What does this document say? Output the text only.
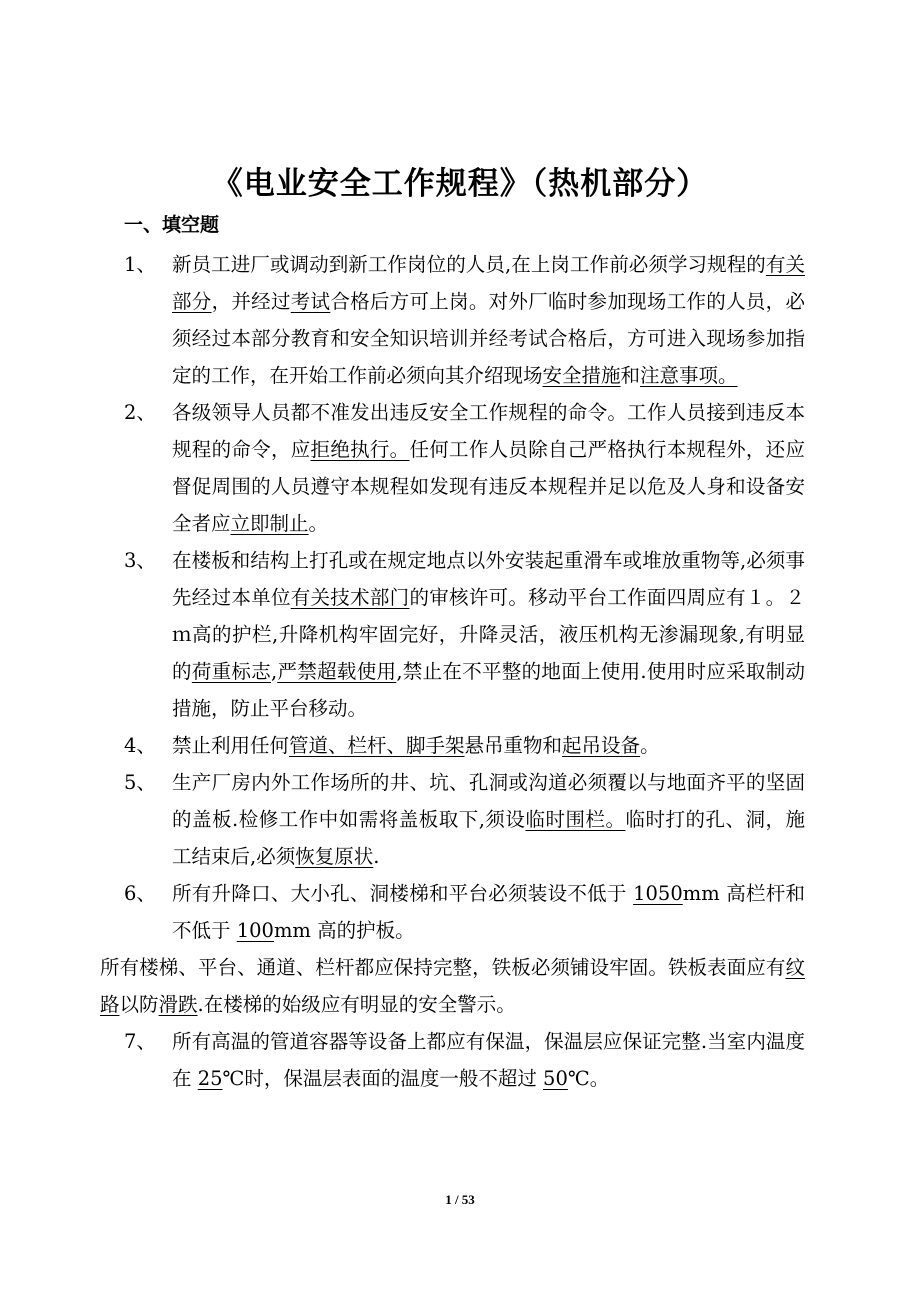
《电业安全工作规程》（热机部分）
一、填空题
1、 新员工进厂或调动到新工作岗位的人员,在上岗工作前必须学习规程的有关部分，并经过考试合格后方可上岗。对外厂临时参加现场工作的人员，必须经过本部分教育和安全知识培训并经考试合格后，方可进入现场参加指定的工作，在开始工作前必须向其介绍现场安全措施和注意事项。
2、 各级领导人员都不准发出违反安全工作规程的命令。工作人员接到违反本规程的命令，应拒绝执行。任何工作人员除自己严格执行本规程外，还应督促周围的人员遵守本规程如发现有违反本规程并足以危及人身和设备安全者应立即制止。
3、 在楼板和结构上打孔或在规定地点以外安装起重滑车或堆放重物等,必须事先经过本单位有关技术部门的审核许可。移动平台工作面四周应有１。２ｍ高的护栏,升降机构牢固完好，升降灵活，液压机构无渗漏现象,有明显的荷重标志,严禁超载使用,禁止在不平整的地面上使用.使用时应采取制动措施，防止平台移动。
4、 禁止利用任何管道、栏杆、脚手架悬吊重物和起吊设备。
5、 生产厂房内外工作场所的井、坑、孔洞或沟道必须覆以与地面齐平的坚固的盖板.检修工作中如需将盖板取下,须设临时围栏。临时打的孔、洞，施工结束后,必须恢复原状.
6、 所有升降口、大小孔、洞楼梯和平台必须装设不低于 1050mm 高栏杆和不低于 100mm 高的护板。
所有楼梯、平台、通道、栏杆都应保持完整，铁板必须铺设牢固。铁板表面应有纹路以防滑跌.在楼梯的始级应有明显的安全警示。
7、 所有高温的管道容器等设备上都应有保温，保温层应保证完整.当室内温度在 25℃时，保温层表面的温度一般不超过 50℃。
1 / 53
